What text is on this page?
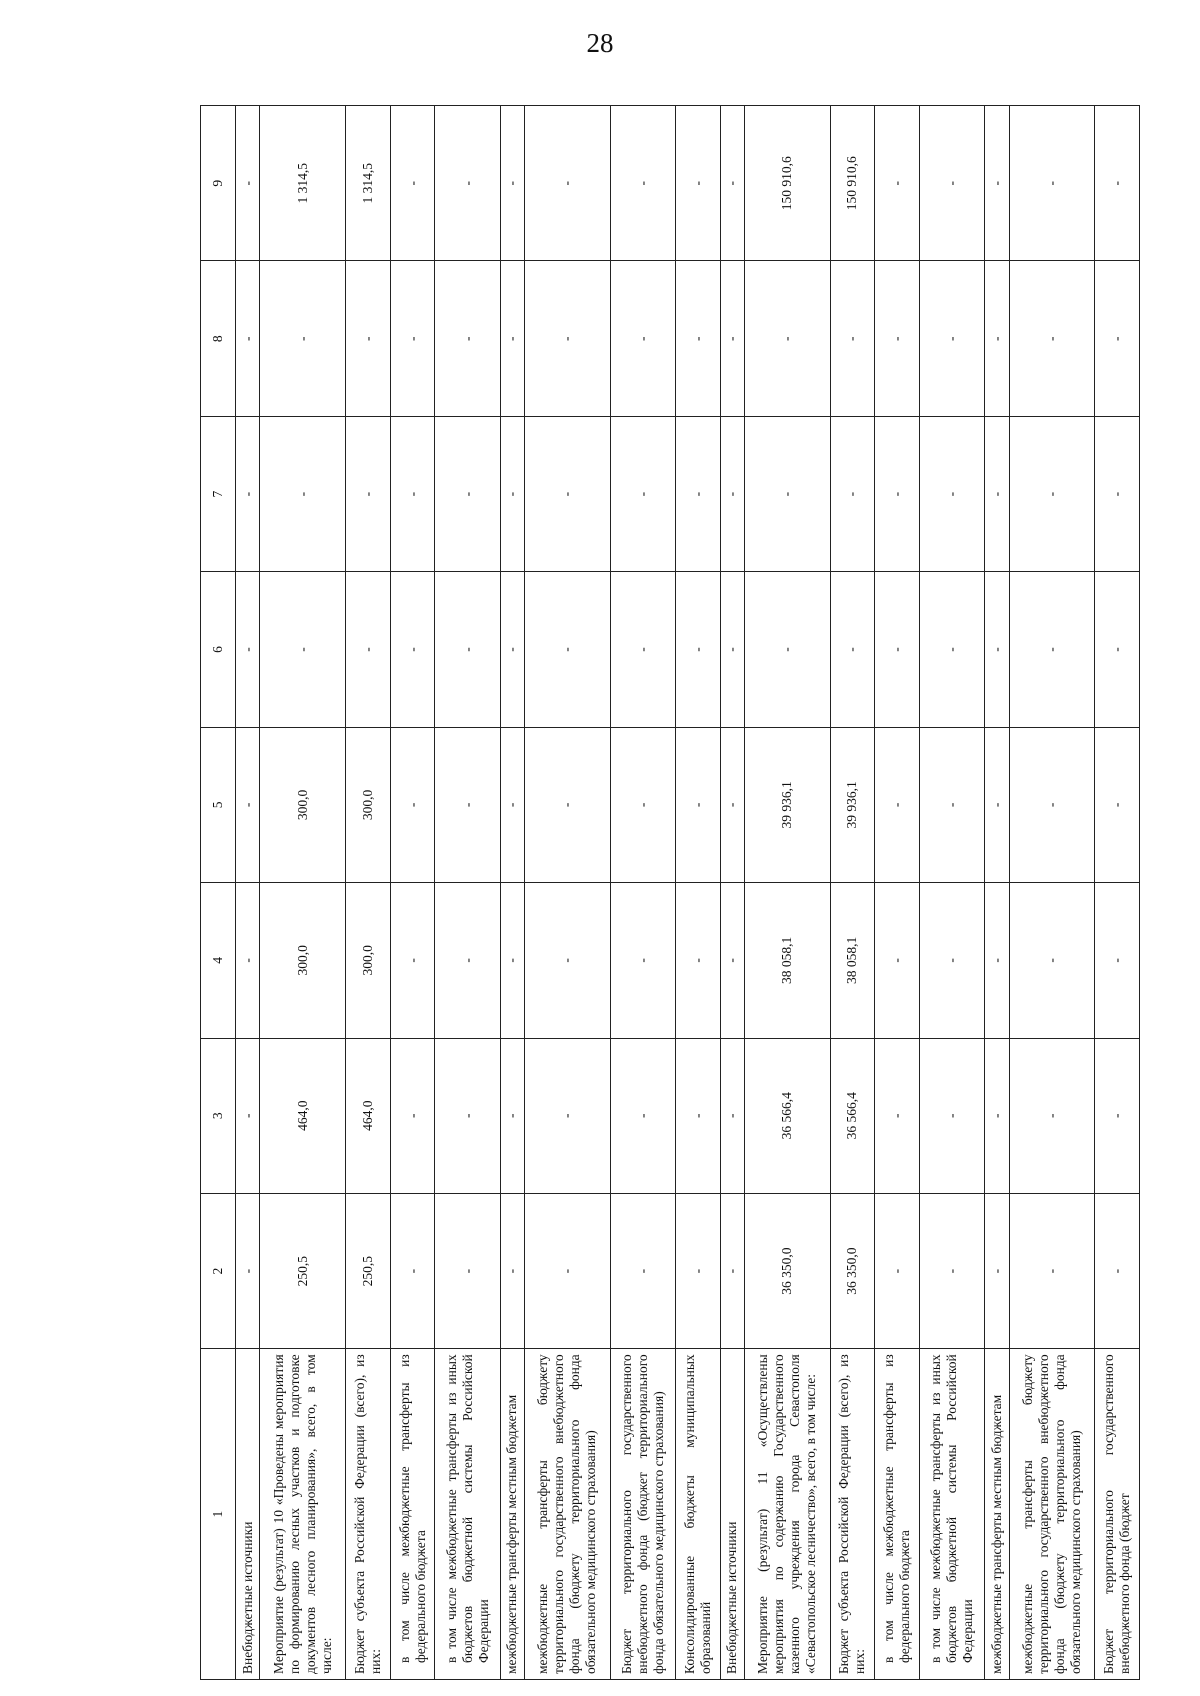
28
1	2	3	4	5	6	7	8	9
Внебюджетные источники	-	-	-	-	-	-	-	-
Мероприятие (результат) 10 «Проведены мероприятия по формированию лесных участков и подготовке документов лесного планирования», всего, в том числе:	250,5	464,0	300,0	300,0	-	-	-	1 314,5
Бюджет субъекта Российской Федерации (всего), из них:	250,5	464,0	300,0	300,0	-	-	-	1 314,5
в том числе межбюджетные трансферты из федерального бюджета	-	-	-	-	-	-	-	-
в том числе межбюджетные трансферты из иных бюджетов бюджетной системы Российской Федерации	-	-	-	-	-	-	-	-
межбюджетные трансферты местным бюджетам	-	-	-	-	-	-	-	-
межбюджетные трансферты бюджету территориального государственного внебюджетного фонда (бюджету территориального фонда обязательного медицинского страхования)	-	-	-	-	-	-	-	-
Бюджет территориального государственного внебюджетного фонда (бюджет территориального фонда обязательного медицинского страхования)	-	-	-	-	-	-	-	-
Консолидированные бюджеты муниципальных образований	-	-	-	-	-	-	-	-
Внебюджетные источники	-	-	-	-	-	-	-	-
Мероприятие (результат) 11 «Осуществлены мероприятия по содержанию Государственного казенного учреждения города Севастополя «Севастопольское лесничество», всего, в том числе:	36 350,0	36 566,4	38 058,1	39 936,1	-	-	-	150 910,6
Бюджет субъекта Российской Федерации (всего), из них:	36 350,0	36 566,4	38 058,1	39 936,1	-	-	-	150 910,6
в том числе межбюджетные трансферты из федерального бюджета	-	-	-	-	-	-	-	-
в том числе межбюджетные трансферты из иных бюджетов бюджетной системы Российской Федерации	-	-	-	-	-	-	-	-
межбюджетные трансферты местным бюджетам	-	-	-	-	-	-	-	-
межбюджетные трансферты бюджету территориального государственного внебюджетного фонда (бюджету территориального фонда обязательного медицинского страхования)	-	-	-	-	-	-	-	-
Бюджет территориального государственного внебюджетного фонда (бюджет	-	-	-	-	-	-	-	-
